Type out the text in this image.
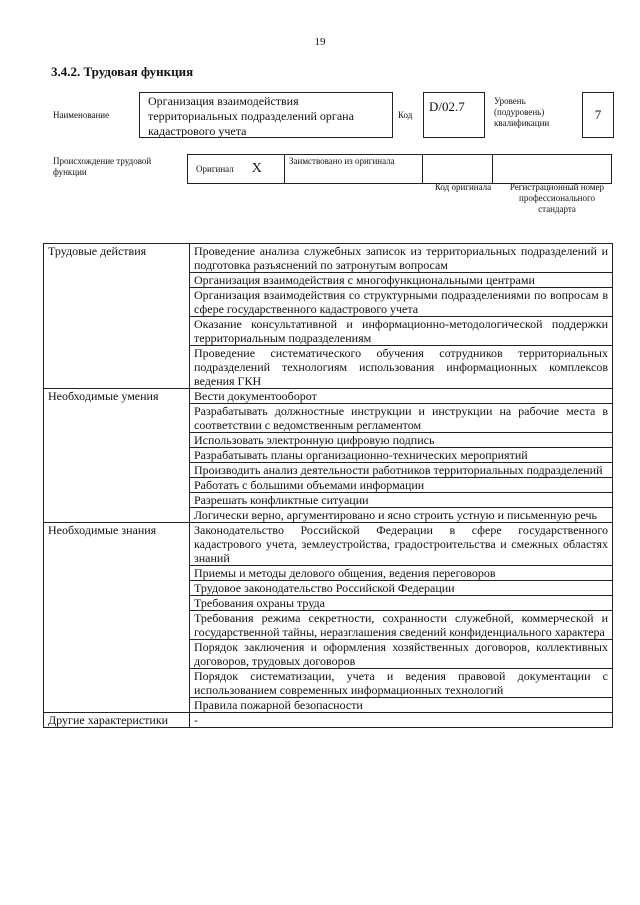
19
3.4.2. Трудовая функция
Наименование
Организация взаимодействия территориальных подразделений органа кадастрового учета
Код
D/02.7	Уровень (подуровень) квалификации
7
Происхождение трудовой функции	Оригинал X	Заимствовано из оригинала
Код оригинала	Регистрационный номер профессионального стандарта
Трудовые действия	Проведение анализа служебных записок из территориальных подразделений и подготовка разъяснений по затронутым вопросам
	Организация взаимодействия с многофункциональными центрами
	Организация взаимодействия со структурными подразделениями по вопросам в сфере государственного кадастрового учета
	Оказание консультативной и информационно-методологической поддержки территориальным подразделениям
	Проведение систематического обучения сотрудников территориальных подразделений технологиям использования информационных комплексов ведения ГКН
Необходимые умения	Вести документооборот
	Разрабатывать должностные инструкции и инструкции на рабочие места в соответствии с ведомственным регламентом
	Использовать электронную цифровую подпись
	Разрабатывать планы организационно-технических мероприятий
	Производить анализ деятельности работников территориальных подразделений
	Работать с большими объемами информации
	Разрешать конфликтные ситуации
	Логически верно, аргументировано и ясно строить устную и письменную речь
Необходимые знания	Законодательство Российской Федерации в сфере государственного кадастрового учета, землеустройства, градостроительства и смежных областях знаний
	Приемы и методы делового общения, ведения переговоров
	Трудовое законодательство Российской Федерации
	Требования охраны труда
	Требования режима секретности, сохранности служебной, коммерческой и государственной тайны, неразглашения сведений конфиденциального характера
	Порядок заключения и оформления хозяйственных договоров, коллективных договоров, трудовых договоров
	Порядок систематизации, учета и ведения правовой документации с использованием современных информационных технологий
	Правила пожарной безопасности
Другие характеристики	-
